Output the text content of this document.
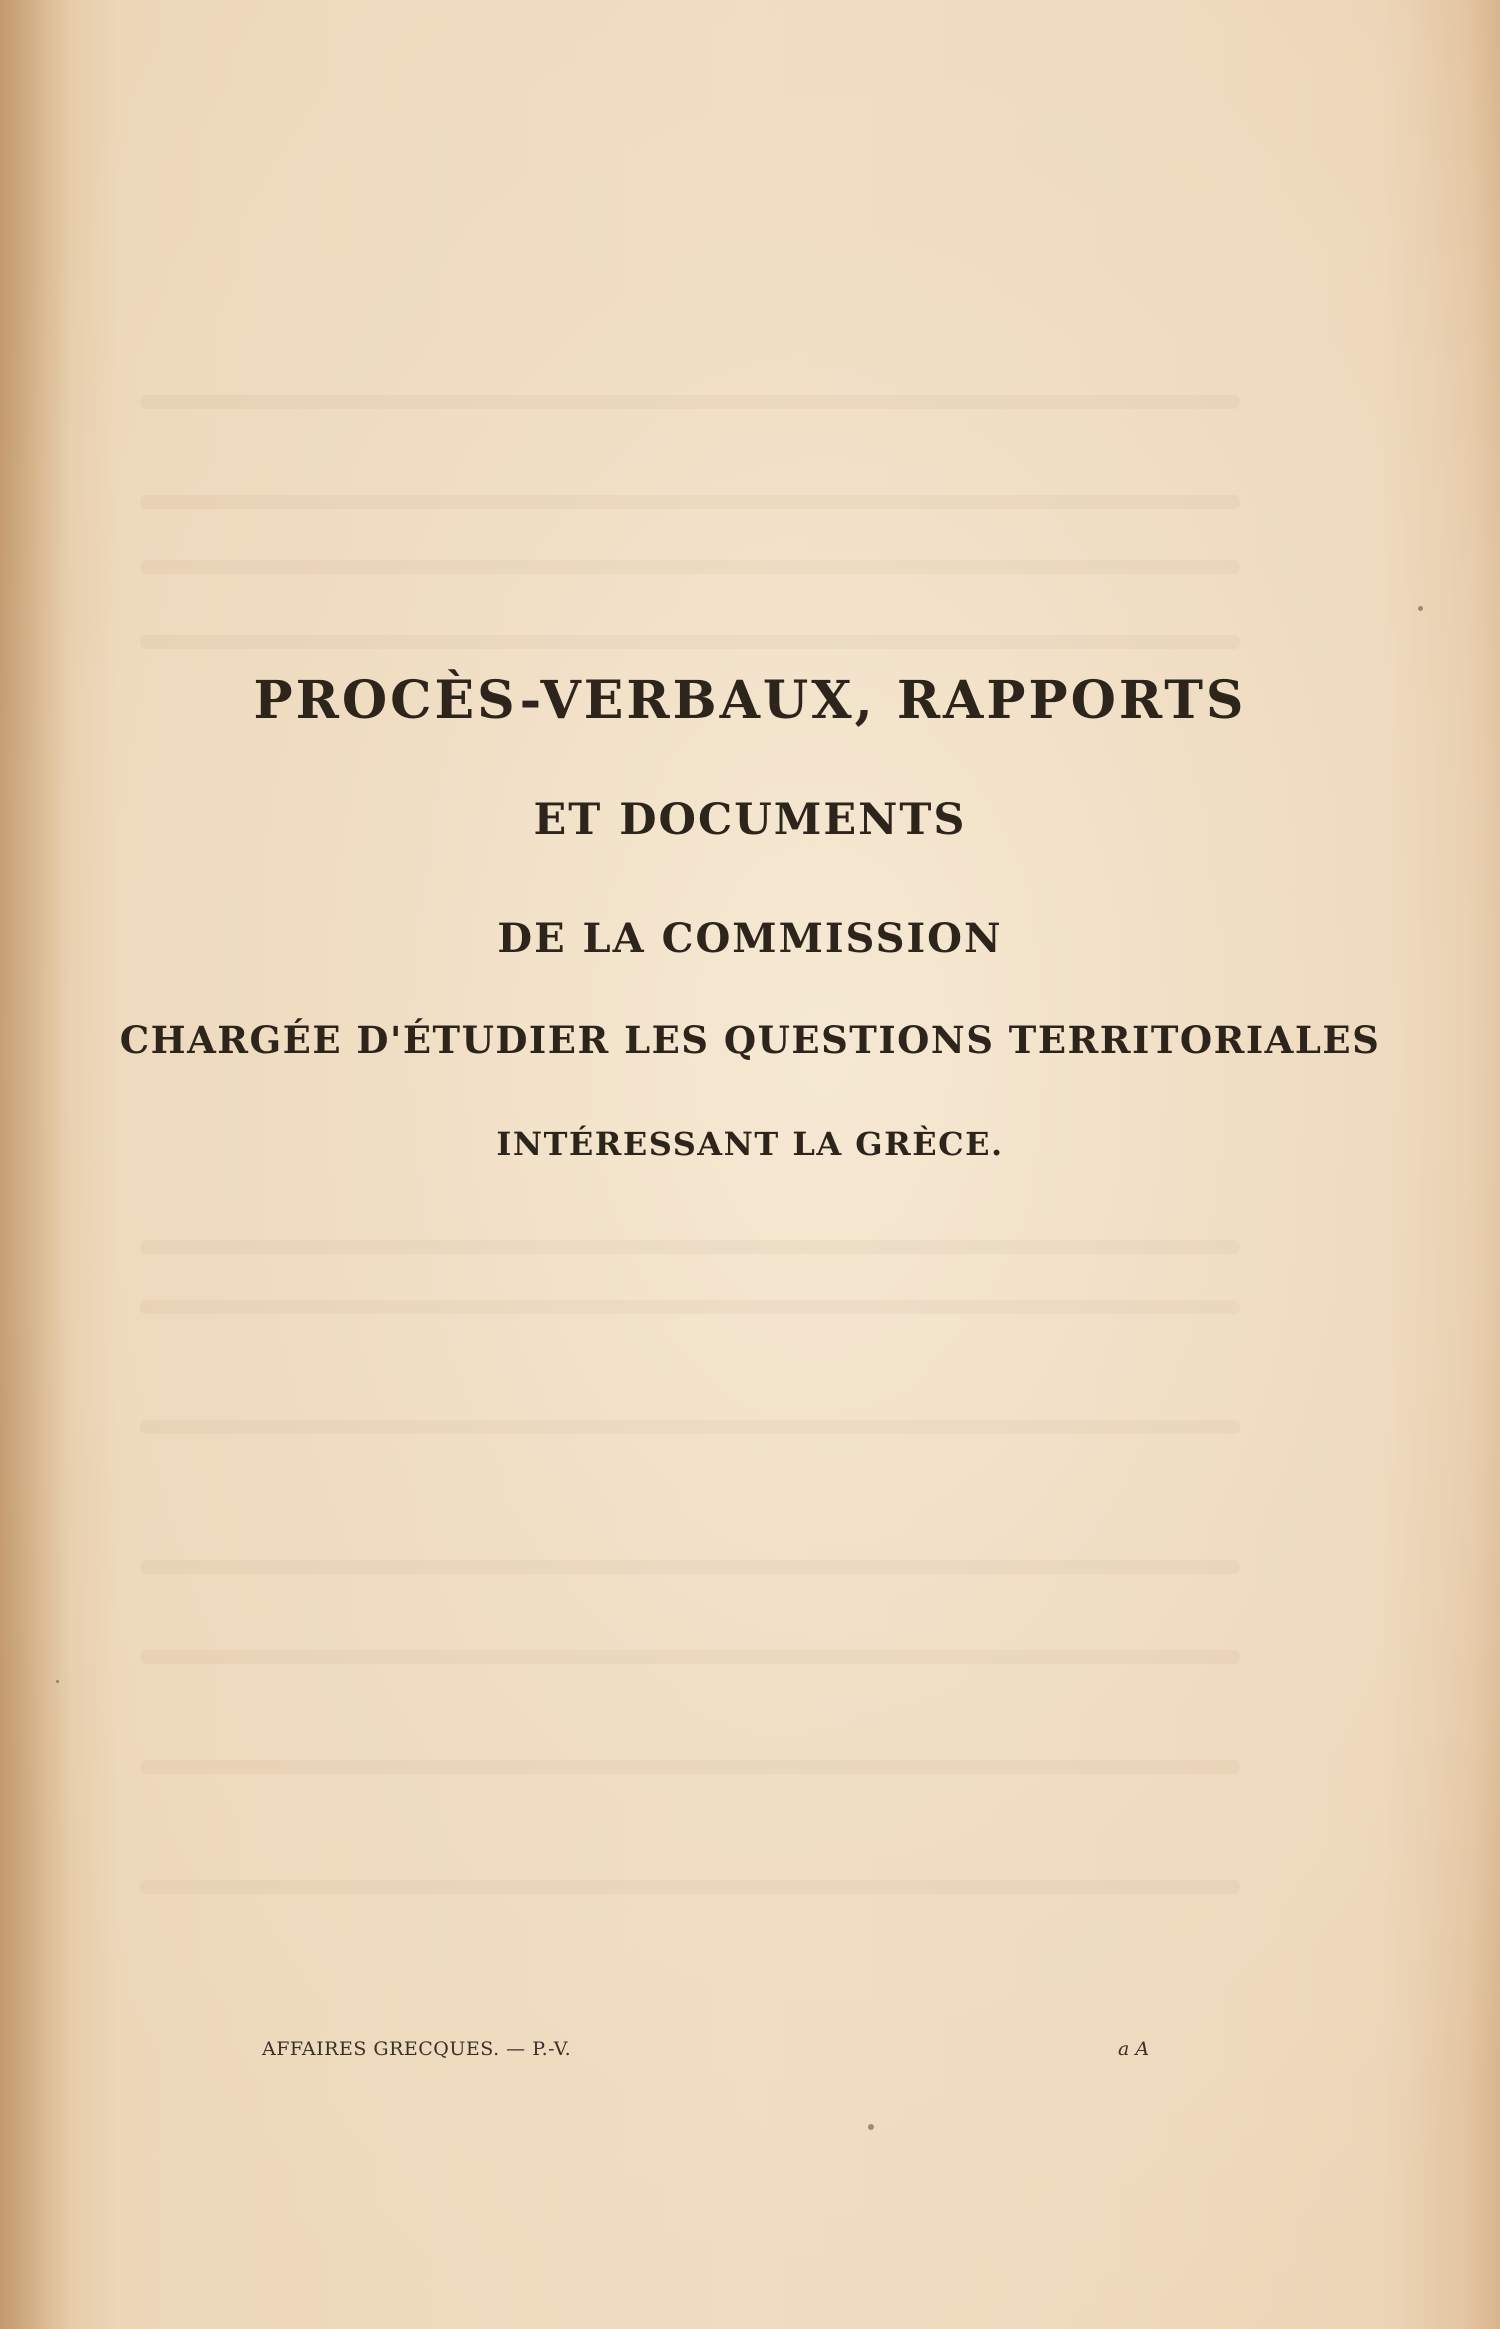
PROCÈS-VERBAUX, RAPPORTS
ET DOCUMENTS
DE LA COMMISSION
CHARGÉE D'ÉTUDIER LES QUESTIONS TERRITORIALES
INTÉRESSANT LA GRÈCE.
AFFAIRES GRECQUES. — P.-V.	a A
